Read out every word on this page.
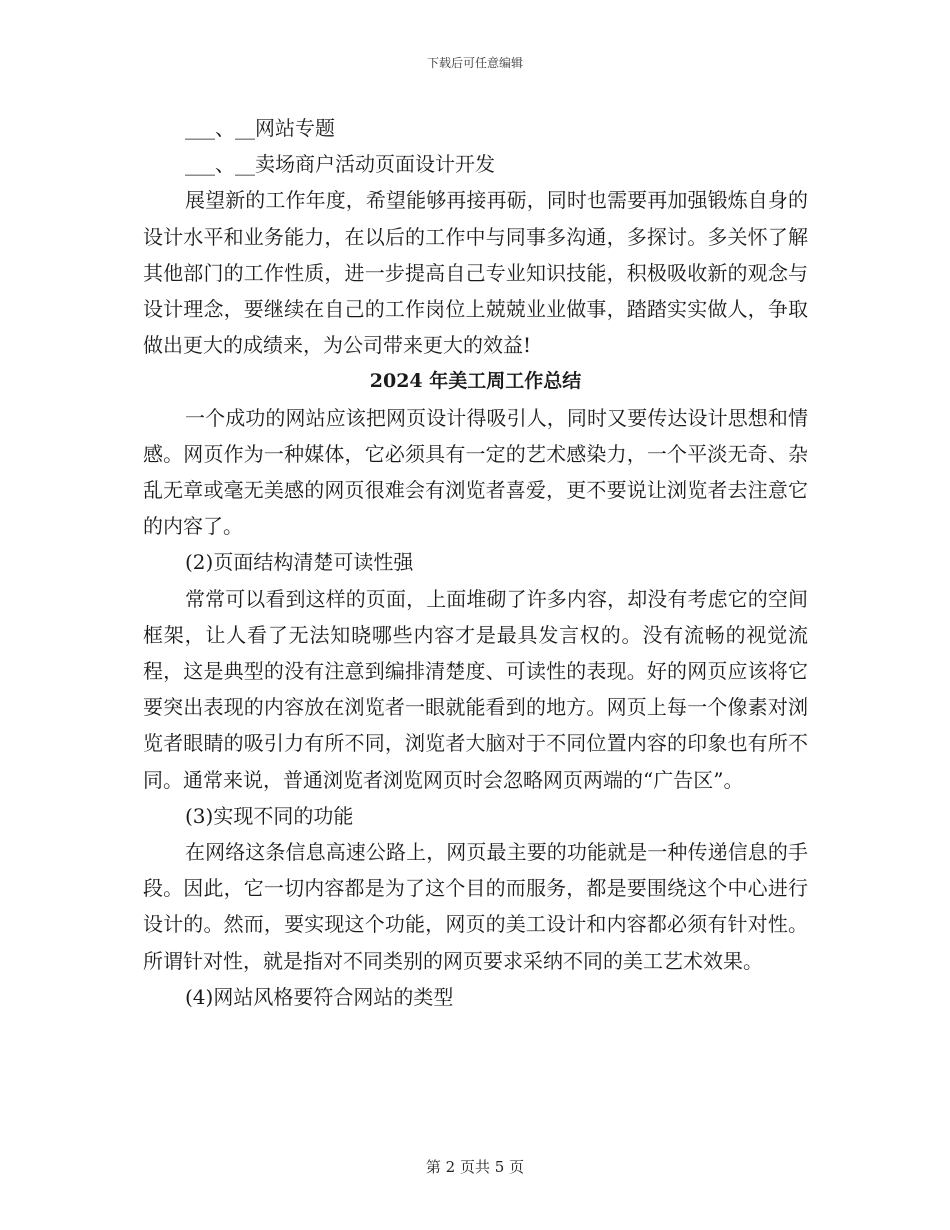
下载后可任意编辑

___、__网站专题

___、__卖场商户活动页面设计开发

展望新的工作年度，希望能够再接再砺，同时也需要再加强锻炼自身的设计水平和业务能力，在以后的工作中与同事多沟通，多探讨。多关怀了解其他部门的工作性质，进一步提高自己专业知识技能，积极吸收新的观念与设计理念，要继续在自己的工作岗位上兢兢业业做事，踏踏实实做人，争取做出更大的成绩来，为公司带来更大的效益!

2024 年美工周工作总结

一个成功的网站应该把网页设计得吸引人，同时又要传达设计思想和情感。网页作为一种媒体，它必须具有一定的艺术感染力，一个平淡无奇、杂乱无章或毫无美感的网页很难会有浏览者喜爱，更不要说让浏览者去注意它的内容了。

(2)页面结构清楚可读性强

常常可以看到这样的页面，上面堆砌了许多内容，却没有考虑它的空间框架，让人看了无法知晓哪些内容才是最具发言权的。没有流畅的视觉流程，这是典型的没有注意到编排清楚度、可读性的表现。好的网页应该将它要突出表现的内容放在浏览者一眼就能看到的地方。网页上每一个像素对浏览者眼睛的吸引力有所不同，浏览者大脑对于不同位置内容的印象也有所不同。通常来说，普通浏览者浏览网页时会忽略网页两端的“广告区”。

(3)实现不同的功能

在网络这条信息高速公路上，网页最主要的功能就是一种传递信息的手段。因此，它一切内容都是为了这个目的而服务，都是要围绕这个中心进行设计的。然而，要实现这个功能，网页的美工设计和内容都必须有针对性。所谓针对性，就是指对不同类别的网页要求采纳不同的美工艺术效果。

(4)网站风格要符合网站的类型

第 2 页共 5 页
